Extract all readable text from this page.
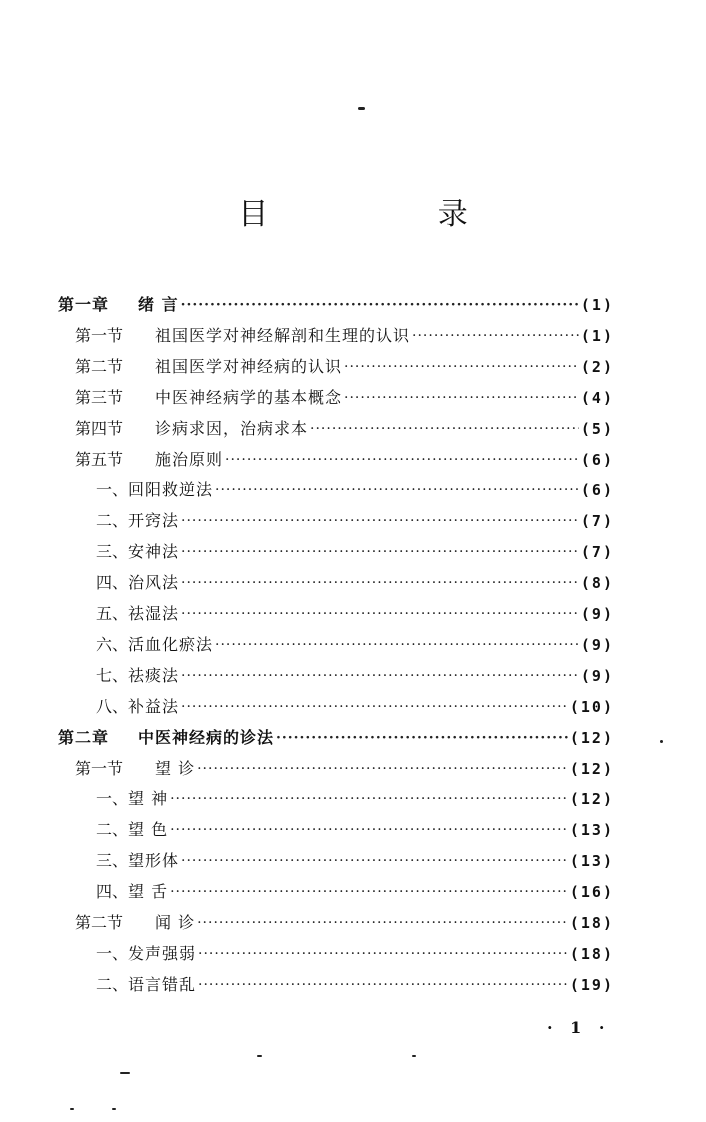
目 录
第一章	绪 言 ·····	(1)
第一节	祖国医学对神经解剖和生理的认识 ·····	(1)
第二节	祖国医学对神经病的认识 ·····	(2)
第三节	中医神经病学的基本概念 ·····	(4)
第四节	诊病求因，治病求本 ·····	(5)
第五节	施治原则 ·····	(6)
一、 回阳救逆法 ·····	(6)
二、 开窍法 ·····	(7)
三、 安神法 ·····	(7)
四、 治风法 ·····	(8)
五、 祛湿法 ·····	(9)
六、 活血化瘀法 ·····	(9)
七、 祛痰法 ·····	(9)
八、 补益法 ·····	(10)
第二章	中医神经病的诊法 ·····	(12)
第一节	望 诊 ·····	(12)
一、 望 神 ·····	(12)
二、 望 色 ·····	(13)
三、 望形体 ·····	(13)
四、 望 舌 ·····	(16)
第二节	闻 诊 ·····	(18)
一、 发声强弱 ·····	(18)
二、 语言错乱 ·····	(19)
· 1 ·
